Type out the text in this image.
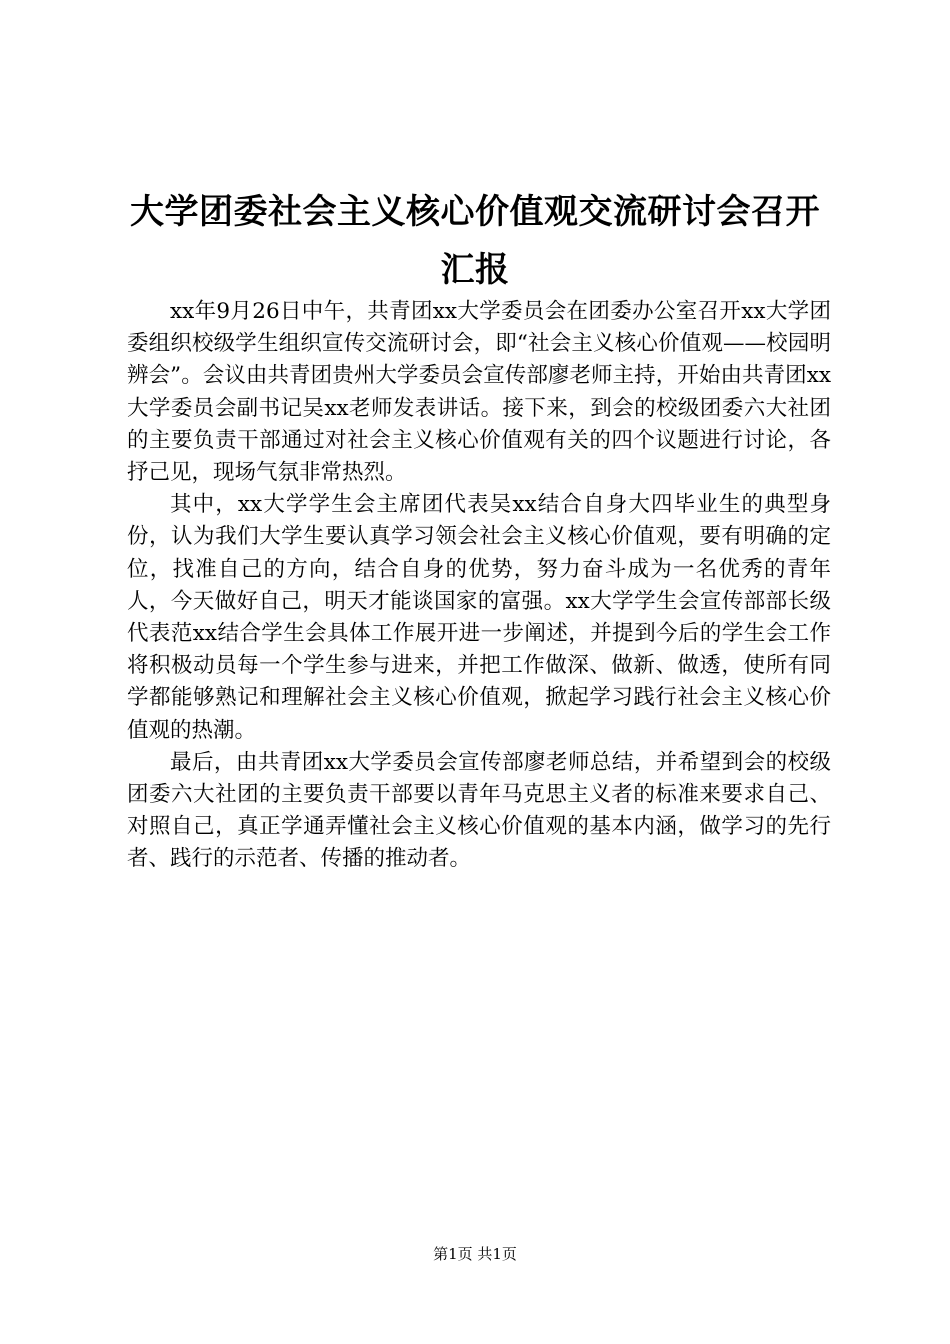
大学团委社会主义核心价值观交流研讨会召开汇报

xx年9月26日中午，共青团xx大学委员会在团委办公室召开xx大学团委组织校级学生组织宣传交流研讨会，即“社会主义核心价值观——校园明辨会”。会议由共青团贵州大学委员会宣传部廖老师主持，开始由共青团xx大学委员会副书记吴xx老师发表讲话。接下来，到会的校级团委六大社团的主要负责干部通过对社会主义核心价值观有关的四个议题进行讨论，各抒己见，现场气氛非常热烈。

其中，xx大学学生会主席团代表吴xx结合自身大四毕业生的典型身份，认为我们大学生要认真学习领会社会主义核心价值观，要有明确的定位，找准自己的方向，结合自身的优势，努力奋斗成为一名优秀的青年人，今天做好自己，明天才能谈国家的富强。xx大学学生会宣传部部长级代表范xx结合学生会具体工作展开进一步阐述，并提到今后的学生会工作将积极动员每一个学生参与进来，并把工作做深、做新、做透，使所有同学都能够熟记和理解社会主义核心价值观，掀起学习践行社会主义核心价值观的热潮。

最后，由共青团xx大学委员会宣传部廖老师总结，并希望到会的校级团委六大社团的主要负责干部要以青年马克思主义者的标准来要求自己、对照自己，真正学通弄懂社会主义核心价值观的基本内涵，做学习的先行者、践行的示范者、传播的推动者。

第1页 共1页
